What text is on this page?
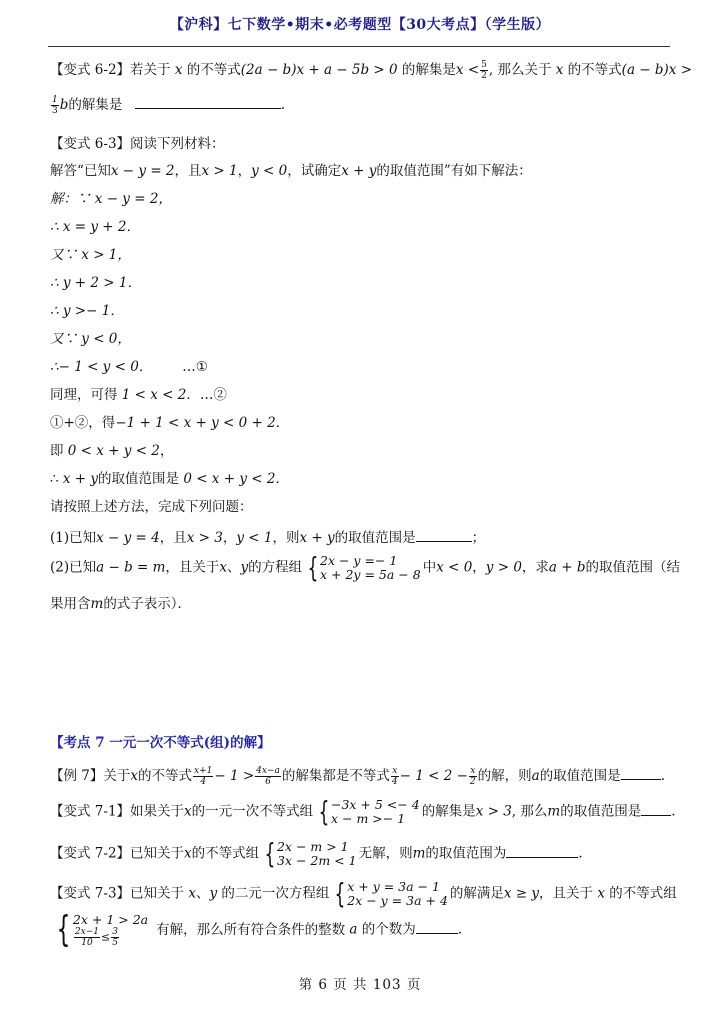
【沪科】七下数学•期末•必考题型【30大考点】（学生版）
【变式 6-2】若关于 x 的不等式(2a − b)x + a − 5b > 0 的解集是$x < \frac{5}{2}$ , 那么关于 x 的不等式(a − b)x >
$\frac{1}{3}$ b的解集是	.
【变式 6-3】阅读下列材料：
解答“已知x − y = 2，且x > 1，y < 0，试确定x + y的取值范围”有如下解法：
解：∵ x − y = 2，
∴ x = y + 2．
又∵ x > 1，
∴ y + 2 > 1．
∴ y >− 1．
又∵ y < 0，
∴− 1 < y < 0． …①
同理，可得 1 < x < 2．…②
①+②，得−1 + 1 < x + y < 0 + 2．
即 0 < x + y < 2，
∴ x + y的取值范围是 0 < x + y < 2．
请按照上述方法，完成下列问题：
(1)已知x − y = 4，且x > 3，y < 1，则x + y的取值范围是	；
(2)已知a − b = m，且关于x、y的方程组 { 2x − y =− 1
x + 2y = 5a − 8 中x < 0，y > 0，求a + b的取值范围（结
果用含m的式子表示）．
【考点 7 一元一次不等式(组)的解】
【例 7】关于x的不等式 $\frac{x+1}{4} - 1 > \frac{4x-a}{6}$ 的解集都是不等式 $\frac{x}{4} - 1 < 2 - \frac{x}{2}$ 的解，则a的取值范围是	.
【变式 7-1】如果关于x的一元一次不等式组 { −3x + 5 <− 4
x − m >− 1	的解集是x > 3, 那么m的取值范围是 .
【变式 7-2】已知关于x的不等式组 { 2x − m > 1
3x − 2m < 1 无解，则m的取值范围为	.
【变式 7-3】已知关于 x、y 的二元一次方程组 { x + y = 3a − 1
2x − y = 3a + 4 的解满足x ≥ y，且关于 x 的不等式组
{ 2x + 1 > 2a
$\frac{2x-1}{10} \le \frac{3}{5}$	有解，那么所有符合条件的整数 a 的个数为	.
第 6 页 共 103 页
